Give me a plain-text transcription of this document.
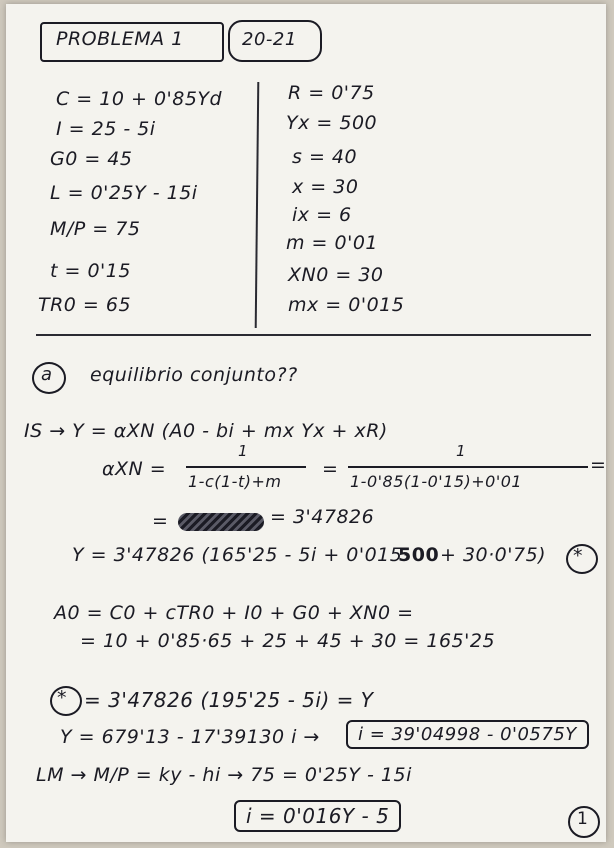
PROBLEMA 1	20-21
C = 10 + 0'85Yd
I = 25 - 5i
G0 = 45
L = 0'25Y - 15i
M/P = 75
t = 0'15
TR0 = 65
R = 0'75
Yx = 500
s = 40
x = 30
ix = 6
m = 0'01
XN0 = 30
mx = 0'015
a equilibrio conjunto??
IS → Y = αXN (A0 - bi + mx Yx + xR)
αXN =
1
1-c(1-t)+m
=
1
1-0'85(1-0'15)+0'01
=
=	= 3'47826
Y = 3'47826 (165'25 - 5i + 0'015·
500 + 30·0'75) *
A0 = C0 + cTR0 + I0 + G0 + XN0 =
= 10 + 0'85·65 + 25 + 45 + 30 = 165'25
* = 3'47826 (195'25 - 5i) = Y
Y = 679'13 - 17'39130 i →	i = 39'04998 - 0'0575Y
LM → M/P = ky - hi → 75 = 0'25Y - 15i
i = 0'016Y - 5	1
